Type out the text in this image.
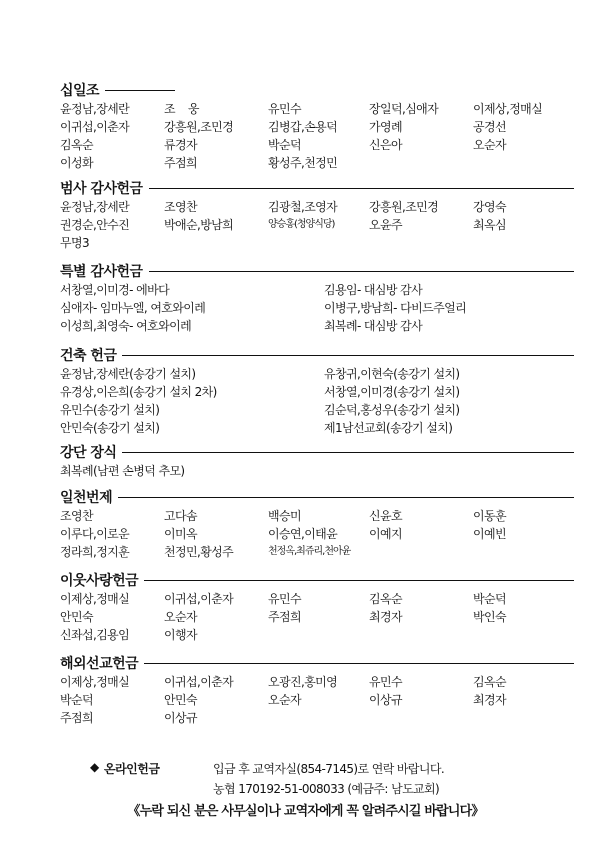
십일조
윤정남,장세란	조    웅	유민수	장일덕,심애자	이제상,정매실
이귀섭,이춘자	강흥원,조민경	김병갑,손용덕	가영례	공경선
김옥순	류경자	박순덕	신은아	오순자
이성화	주점희	황성주,천정민
범사 감사헌금
윤정남,장세란	조영찬	김광철,조영자	강흥원,조민경	강영숙
권경순,안수진	박애순,방남희	양승홍(청양식당)	오윤주	최옥심
무명3
특별 감사헌금
서창열,이미경- 에바다	김용임- 대심방 감사
심애자- 임마누엘, 여호와이레	이병구,방남희- 다비드주얼리
이성희,최영숙- 여호와이레	최복례- 대심방 감사
건축 헌금
윤정남,장세란(송강기 설치)	유창귀,이현숙(송강기 설치)
유경상,이은희(송강기 설치 2차)	서창열,이미경(송강기 설치)
유민수(송강기 설치)	김순덕,홍성우(송강기 설치)
안민숙(송강기 설치)	제1남선교회(송강기 설치)
강단 장식
최복례(남편 손병덕 추모)
일천번제
조영찬	고다솜	백승미	신윤호	이동훈
이루다,이로운	이미옥	이승연,이태윤	이예지	이예빈
정라희,정지훈	천정민,황성주	천정옥,최쥬리,천아윤
이웃사랑헌금
이제상,정매실	이귀섭,이춘자	유민수	김옥순	박순덕
안민숙	오순자	주점희	최경자	박인숙
신좌섭,김용임	이행자
해외선교헌금
이제상,정매실	이귀섭,이춘자	오광진,홍미영	유민수	김옥순
박순덕	안민숙	오순자	이상규	최경자
주점희	이상규
◆ 온라인헌금	입금 후 교역자실(854-7145)로 연락 바랍니다.
농협 170192-51-008033 (예금주: 남도교회)
《누락 되신 분은 사무실이나 교역자에게 꼭 알려주시길 바랍니다》
